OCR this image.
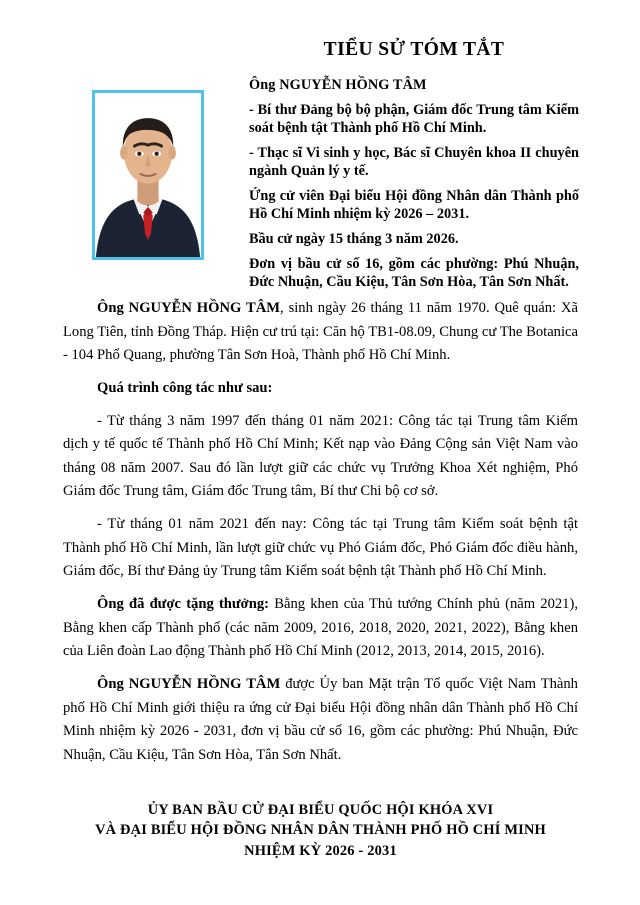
TIỂU SỬ TÓM TẮT

Ông NGUYỄN HỒNG TÂM

- Bí thư Đảng bộ bộ phận, Giám đốc Trung tâm Kiểm soát bệnh tật Thành phố Hồ Chí Minh.

- Thạc sĩ Vi sinh y học, Bác sĩ Chuyên khoa II chuyên ngành Quản lý y tế.

Ứng cử viên Đại biểu Hội đồng Nhân dân Thành phố Hồ Chí Minh nhiệm kỳ 2026 – 2031.

Bầu cử ngày 15 tháng 3 năm 2026.

Đơn vị bầu cử số 16, gồm các phường: Phú Nhuận, Đức Nhuận, Cầu Kiệu, Tân Sơn Hòa, Tân Sơn Nhất.

Ông NGUYỄN HỒNG TÂM, sinh ngày 26 tháng 11 năm 1970. Quê quán: Xã Long Tiên, tỉnh Đồng Tháp. Hiện cư trú tại: Căn hộ TB1-08.09, Chung cư The Botanica - 104 Phổ Quang, phường Tân Sơn Hoà, Thành phố Hồ Chí Minh.

Quá trình công tác như sau:

- Từ tháng 3 năm 1997 đến tháng 01 năm 2021: Công tác tại Trung tâm Kiểm dịch y tế quốc tế Thành phố Hồ Chí Minh; Kết nạp vào Đảng Cộng sản Việt Nam vào tháng 08 năm 2007. Sau đó lần lượt giữ các chức vụ Trưởng Khoa Xét nghiệm, Phó Giám đốc Trung tâm, Giám đốc Trung tâm, Bí thư Chi bộ cơ sở.

- Từ tháng 01 năm 2021 đến nay: Công tác tại Trung tâm Kiểm soát bệnh tật Thành phố Hồ Chí Minh, lần lượt giữ chức vụ Phó Giám đốc, Phó Giám đốc điều hành, Giám đốc, Bí thư Đảng ủy Trung tâm Kiểm soát bệnh tật Thành phố Hồ Chí Minh.

Ông đã được tặng thưởng: Bằng khen của Thủ tướng Chính phủ (năm 2021), Bằng khen cấp Thành phố (các năm 2009, 2016, 2018, 2020, 2021, 2022), Bằng khen của Liên đoàn Lao động Thành phố Hồ Chí Minh (2012, 2013, 2014, 2015, 2016).

Ông NGUYỄN HỒNG TÂM được Ủy ban Mặt trận Tổ quốc Việt Nam Thành phố Hồ Chí Minh giới thiệu ra ứng cử Đại biểu Hội đồng nhân dân Thành phố Hồ Chí Minh nhiệm kỳ 2026 - 2031, đơn vị bầu cử số 16, gồm các phường: Phú Nhuận, Đức Nhuận, Cầu Kiệu, Tân Sơn Hòa, Tân Sơn Nhất.

ỦY BAN BẦU CỬ ĐẠI BIỂU QUỐC HỘI KHÓA XVI

VÀ ĐẠI BIỂU HỘI ĐỒNG NHÂN DÂN THÀNH PHỐ HỒ CHÍ MINH

NHIỆM KỲ 2026 - 2031
